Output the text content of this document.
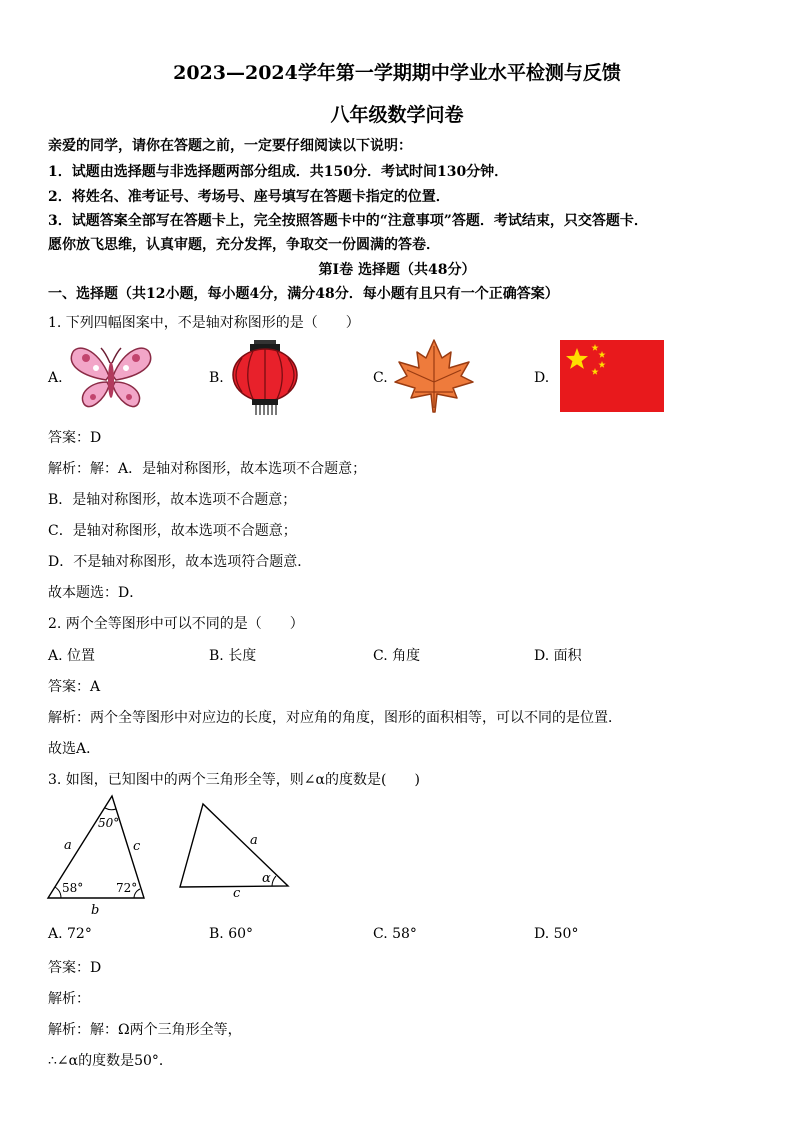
2023—2024学年第一学期期中学业水平检测与反馈
八年级数学问卷
亲爱的同学，请你在答题之前，一定要仔细阅读以下说明：
1．试题由选择题与非选择题两部分组成．共150分．考试时间130分钟．
2．将姓名、准考证号、考场号、座号填写在答题卡指定的位置．
3．试题答案全部写在答题卡上，完全按照答题卡中的“注意事项”答题．考试结束，只交答题卡．
愿你放飞思维，认真审题，充分发挥，争取交一份圆满的答卷．
第Ⅰ卷 选择题（共48分）
一、选择题（共12小题，每小题4分，满分48分．每小题有且只有一个正确答案）
1. 下列四幅图案中，不是轴对称图形的是（　　）
A.	B.	C.	D.
答案：D
解析：解：A．是轴对称图形，故本选项不合题意；
B．是轴对称图形，故本选项不合题意；
C．是轴对称图形，故本选项不合题意；
D．不是轴对称图形，故本选项符合题意．
故本题选：D．
2. 两个全等图形中可以不同的是（　　）
A. 位置	B. 长度	C. 角度	D. 面积
答案：A
解析：两个全等图形中对应边的长度，对应角的角度，图形的面积相等，可以不同的是位置．
故选A．
3. 如图，已知图中的两个三角形全等，则∠α的度数是(　　)
50°
a	c
58°	72°
b
a
c
α
A. 72°	B. 60°	C. 58°	D. 50°
答案：D
解析：
解析：解：Ω两个三角形全等，
∴∠α的度数是50°．
